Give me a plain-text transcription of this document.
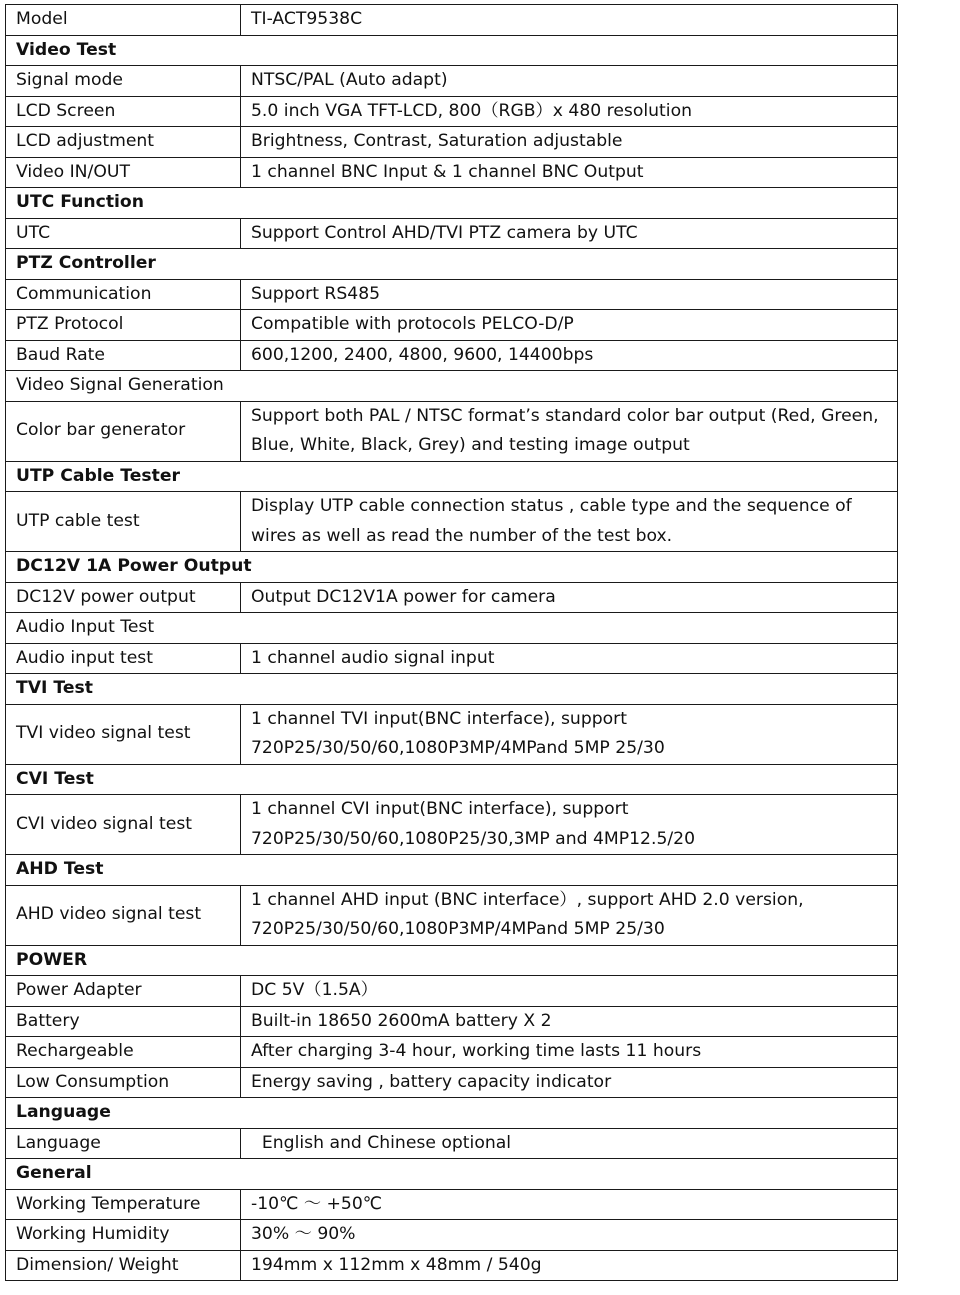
Model	TI-ACT9538C
Video Test	
Signal mode	NTSC/PAL (Auto adapt)
LCD Screen	5.0 inch VGA TFT-LCD, 800（RGB）x 480 resolution
LCD adjustment	Brightness, Contrast, Saturation adjustable
Video IN/OUT	1 channel BNC Input & 1 channel BNC Output
UTC Function	
UTC	Support Control AHD/TVI PTZ camera by UTC
PTZ Controller	
Communication	Support RS485
PTZ Protocol	Compatible with protocols PELCO-D/P
Baud Rate	600,1200, 2400, 4800, 9600, 14400bps
Video Signal Generation	
Color bar generator	Support both PAL / NTSC format’s standard color bar output (Red, Green, Blue, White, Black, Grey) and testing image output
UTP Cable Tester	
UTP cable test	Display UTP cable connection status , cable type and the sequence of wires as well as read the number of the test box.
DC12V 1A Power Output	
DC12V power output	Output DC12V1A power for camera
Audio Input Test	
Audio input test	1 channel audio signal input
TVI Test	
TVI video signal test	1 channel TVI input(BNC interface), support 720P25/30/50/60,1080P3MP/4MPand 5MP 25/30
CVI Test	
CVI video signal test	1 channel CVI input(BNC interface), support 720P25/30/50/60,1080P25/30,3MP and 4MP12.5/20
AHD Test	
AHD video signal test	1 channel AHD input (BNC interface）, support AHD 2.0 version, 720P25/30/50/60,1080P3MP/4MPand 5MP 25/30
POWER	
Power Adapter	DC 5V（1.5A）
Battery	Built-in 18650 2600mA battery X 2
Rechargeable	After charging 3-4 hour, working time lasts 11 hours
Low Consumption	Energy saving , battery capacity indicator
Language	
Language	English and Chinese optional
General	
Working Temperature	-10℃ ～ +50℃
Working Humidity	30% ～ 90%
Dimension/ Weight	194mm x 112mm x 48mm / 540g
